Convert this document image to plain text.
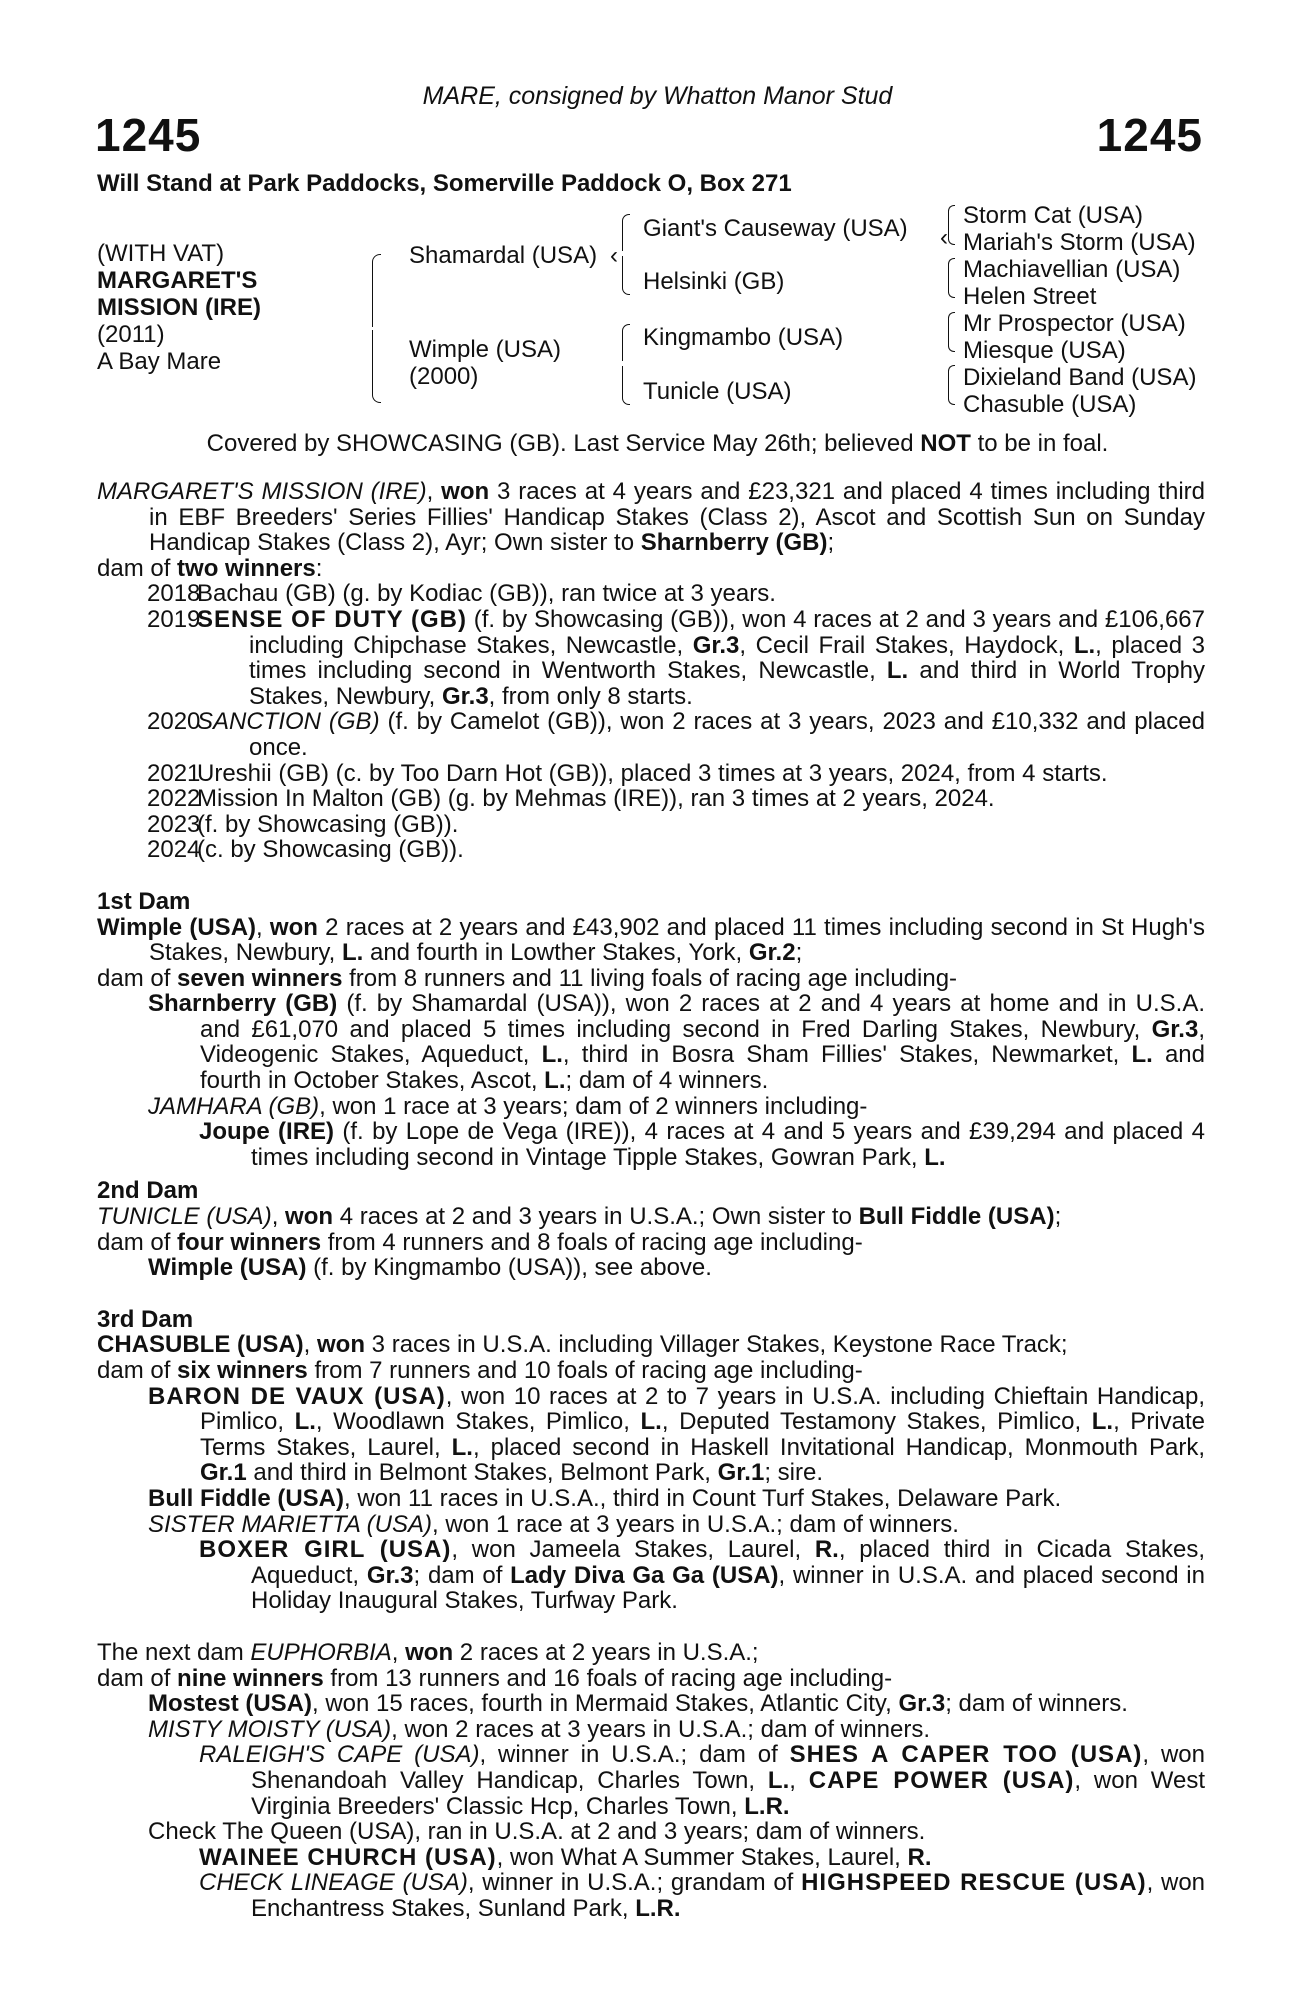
MARE, consigned by Whatton Manor Stud
1245	1245
Will Stand at Park Paddocks, Somerville Paddock O, Box 271
(WITH VAT)
MARGARET'S
MISSION (IRE)
(2011)
A Bay Mare
‹
‹
Shamardal (USA)
Wimple (USA)
(2000)
Giant's Causeway (USA)
Helsinki (GB)
Kingmambo (USA)
Tunicle (USA)
Storm Cat (USA)
Mariah's Storm (USA)
Machiavellian (USA)
Helen Street
Mr Prospector (USA)
Miesque (USA)
Dixieland Band (USA)
Chasuble (USA)
Covered by SHOWCASING (GB). Last Service May 26th; believed NOT to be in foal.
MARGARET'S MISSION (IRE), won 3 races at 4 years and £23,321 and placed 4 times including third in EBF Breeders' Series Fillies' Handicap Stakes (Class 2), Ascot and Scottish Sun on Sunday Handicap Stakes (Class 2), Ayr; Own sister to Sharnberry (GB);
dam of two winners:
2018
Bachau (GB) (g. by Kodiac (GB)), ran twice at 3 years.
2019
SENSE OF DUTY (GB) (f. by Showcasing (GB)), won 4 races at 2 and 3 years and £106,667 including Chipchase Stakes, Newcastle, Gr.3, Cecil Frail Stakes, Haydock, L., placed 3 times including second in Wentworth Stakes, Newcastle, L. and third in World Trophy Stakes, Newbury, Gr.3, from only 8 starts.
2020
SANCTION (GB) (f. by Camelot (GB)), won 2 races at 3 years, 2023 and £10,332 and placed once.
2021
Ureshii (GB) (c. by Too Darn Hot (GB)), placed 3 times at 3 years, 2024, from 4 starts.
2022
Mission In Malton (GB) (g. by Mehmas (IRE)), ran 3 times at 2 years, 2024.
2023
(f. by Showcasing (GB)).
2024
(c. by Showcasing (GB)).
1st Dam
Wimple (USA), won 2 races at 2 years and £43,902 and placed 11 times including second in St Hugh's Stakes, Newbury, L. and fourth in Lowther Stakes, York, Gr.2;
dam of seven winners from 8 runners and 11 living foals of racing age including-
Sharnberry (GB) (f. by Shamardal (USA)), won 2 races at 2 and 4 years at home and in U.S.A. and £61,070 and placed 5 times including second in Fred Darling Stakes, Newbury, Gr.3, Videogenic Stakes, Aqueduct, L., third in Bosra Sham Fillies' Stakes, Newmarket, L. and fourth in October Stakes, Ascot, L.; dam of 4 winners.
JAMHARA (GB), won 1 race at 3 years; dam of 2 winners including-
Joupe (IRE) (f. by Lope de Vega (IRE)), 4 races at 4 and 5 years and £39,294 and placed 4 times including second in Vintage Tipple Stakes, Gowran Park, L.
2nd Dam
TUNICLE (USA), won 4 races at 2 and 3 years in U.S.A.; Own sister to Bull Fiddle (USA);
dam of four winners from 4 runners and 8 foals of racing age including-
Wimple (USA) (f. by Kingmambo (USA)), see above.
3rd Dam
CHASUBLE (USA), won 3 races in U.S.A. including Villager Stakes, Keystone Race Track;
dam of six winners from 7 runners and 10 foals of racing age including-
BARON DE VAUX (USA), won 10 races at 2 to 7 years in U.S.A. including Chieftain Handicap, Pimlico, L., Woodlawn Stakes, Pimlico, L., Deputed Testamony Stakes, Pimlico, L., Private Terms Stakes, Laurel, L., placed second in Haskell Invitational Handicap, Monmouth Park, Gr.1 and third in Belmont Stakes, Belmont Park, Gr.1; sire.
Bull Fiddle (USA), won 11 races in U.S.A., third in Count Turf Stakes, Delaware Park.
SISTER MARIETTA (USA), won 1 race at 3 years in U.S.A.; dam of winners.
BOXER GIRL (USA), won Jameela Stakes, Laurel, R., placed third in Cicada Stakes, Aqueduct, Gr.3; dam of Lady Diva Ga Ga (USA), winner in U.S.A. and placed second in Holiday Inaugural Stakes, Turfway Park.
The next dam EUPHORBIA, won 2 races at 2 years in U.S.A.;
dam of nine winners from 13 runners and 16 foals of racing age including-
Mostest (USA), won 15 races, fourth in Mermaid Stakes, Atlantic City, Gr.3; dam of winners.
MISTY MOISTY (USA), won 2 races at 3 years in U.S.A.; dam of winners.
RALEIGH'S CAPE (USA), winner in U.S.A.; dam of SHES A CAPER TOO (USA), won Shenandoah Valley Handicap, Charles Town, L., CAPE POWER (USA), won West Virginia Breeders' Classic Hcp, Charles Town, L.R.
Check The Queen (USA), ran in U.S.A. at 2 and 3 years; dam of winners.
WAINEE CHURCH (USA), won What A Summer Stakes, Laurel, R.
CHECK LINEAGE (USA), winner in U.S.A.; grandam of HIGHSPEED RESCUE (USA), won Enchantress Stakes, Sunland Park, L.R.
